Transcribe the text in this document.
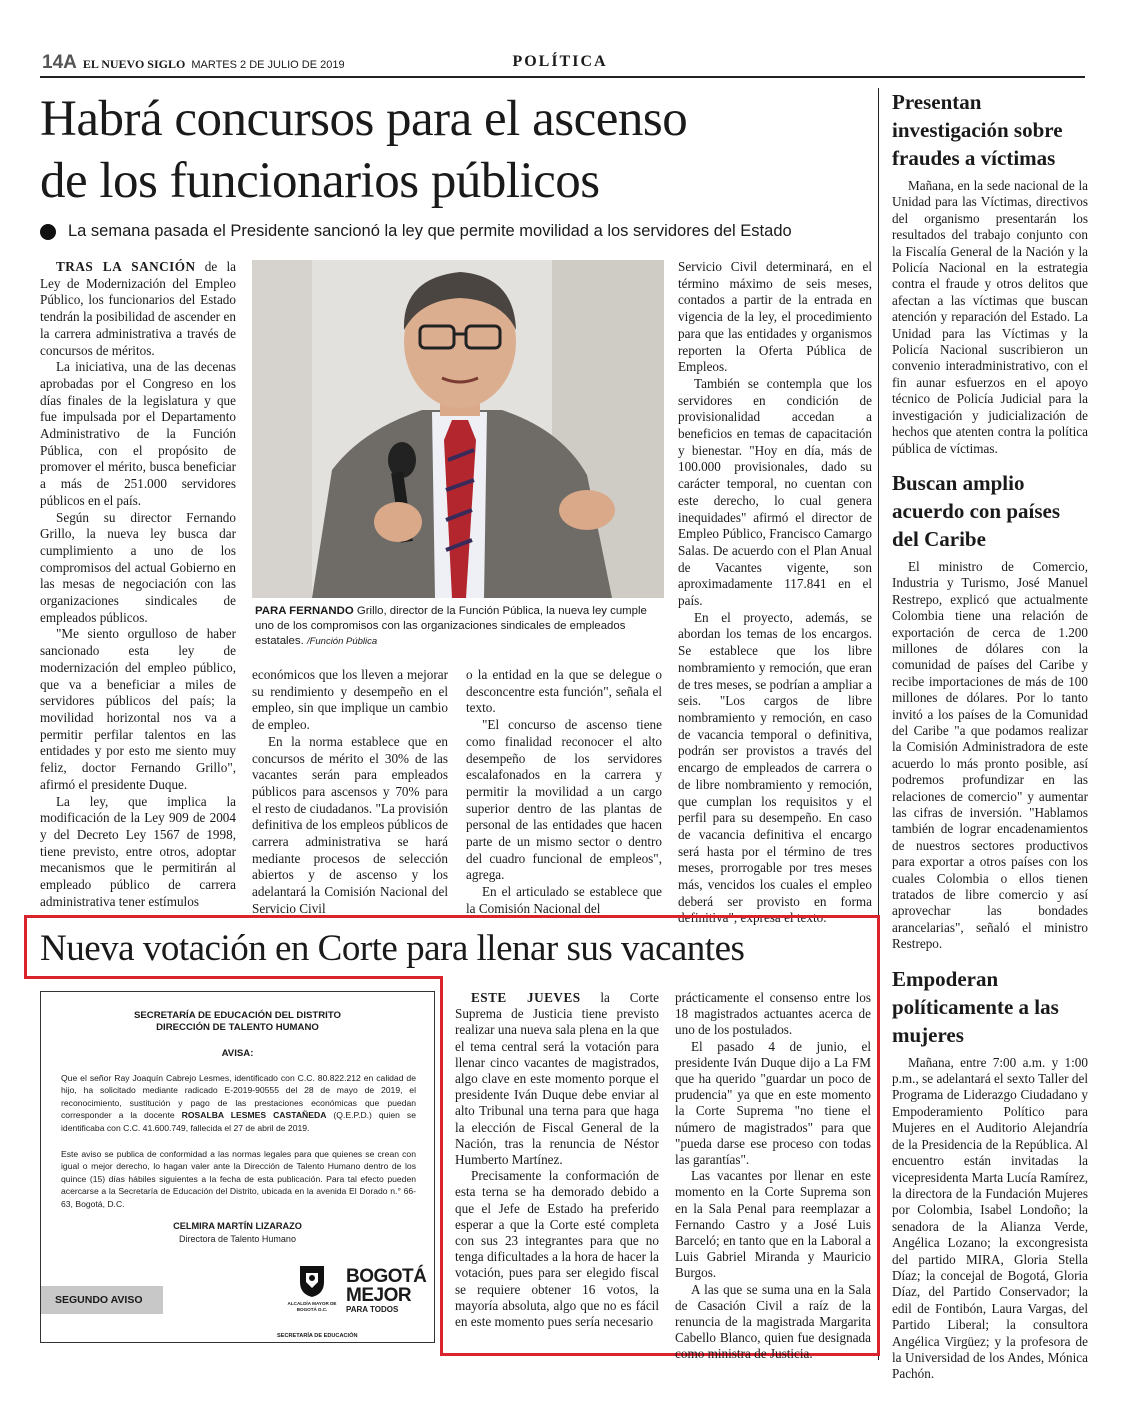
14A EL NUEVO SIGLO MARTES 2 DE JULIO DE 2019	POLÍTICA
Habrá concursos para el ascenso
de los funcionarios públicos
La semana pasada el Presidente sancionó la ley que permite movilidad a los servidores del Estado

TRAS LA SANCIÓN de la Ley de Modernización del Empleo Público, los funcionarios del Estado tendrán la posibilidad de ascender en la carrera administrativa a través de concursos de méritos.

La iniciativa, una de las decenas aprobadas por el Congreso en los días finales de la legislatura y que fue impulsada por el Departamento Administrativo de la Función Pública, con el propósito de promover el mérito, busca beneficiar a más de 251.000 servidores públicos en el país.

Según su director Fernando Grillo, la nueva ley busca dar cumplimiento a uno de los compromisos del actual Gobierno en las mesas de negociación con las organizaciones sindicales de empleados públicos.

"Me siento orgulloso de haber sancionado esta ley de modernización del empleo público, que va a beneficiar a miles de servidores públicos del país; la movilidad horizontal nos va a permitir perfilar talentos en las entidades y por esto me siento muy feliz, doctor Fernando Grillo", afirmó el presidente Duque.

La ley, que implica la modificación de la Ley 909 de 2004 y del Decreto Ley 1567 de 1998, tiene previsto, entre otros, adoptar mecanismos que le permitirán al empleado público de carrera administrativa tener estímulos

PARA FERNANDO Grillo, director de la Función Pública, la nueva ley cumple uno de los compromisos con las organizaciones sindicales de empleados estatales. /Función Pública

económicos que los lleven a mejorar su rendimiento y desempeño en el empleo, sin que implique un cambio de empleo.

En la norma establece que en concursos de mérito el 30% de las vacantes serán para empleados públicos para ascensos y 70% para el resto de ciudadanos. "La provisión definitiva de los empleos públicos de carrera administrativa se hará mediante procesos de selección abiertos y de ascenso y los adelantará la Comisión Nacional del Servicio Civil

o la entidad en la que se delegue o desconcentre esta función", señala el texto.

"El concurso de ascenso tiene como finalidad reconocer el alto desempeño de los servidores escalafonados en la carrera y permitir la movilidad a un cargo superior dentro de las plantas de personal de las entidades que hacen parte de un mismo sector o dentro del cuadro funcional de empleos", agrega.

En el articulado se establece que la Comisión Nacional del

Servicio Civil determinará, en el término máximo de seis meses, contados a partir de la entrada en vigencia de la ley, el procedimiento para que las entidades y organismos reporten la Oferta Pública de Empleos.

También se contempla que los servidores en condición de provisionalidad accedan a beneficios en temas de capacitación y bienestar. "Hoy en día, más de 100.000 provisionales, dado su carácter temporal, no cuentan con este derecho, lo cual genera inequidades" afirmó el director de Empleo Público, Francisco Camargo Salas. De acuerdo con el Plan Anual de Vacantes vigente, son aproximadamente 117.841 en el país.

En el proyecto, además, se abordan los temas de los encargos. Se establece que los libre nombramiento y remoción, que eran de tres meses, se podrían a ampliar a seis. "Los cargos de libre nombramiento y remoción, en caso de vacancia temporal o definitiva, podrán ser provistos a través del encargo de empleados de carrera o de libre nombramiento y remoción, que cumplan los requisitos y el perfil para su desempeño. En caso de vacancia definitiva el encargo será hasta por el término de tres meses, prorrogable por tres meses más, vencidos los cuales el empleo deberá ser provisto en forma definitiva", expresa el texto.

Nueva votación en Corte para llenar sus vacantes
SECRETARÍA DE EDUCACIÓN DEL DISTRITO
DIRECCIÓN DE TALENTO HUMANO
AVISA:
Que el señor Ray Joaquín Cabrejo Lesmes, identificado con C.C. 80.822.212 en calidad de hijo, ha solicitado mediante radicado E-2019-90555 del 28 de mayo de 2019, el reconocimiento, sustitución y pago de las prestaciones económicas que puedan corresponder a la docente ROSALBA LESMES CASTAÑEDA (Q.E.P.D.) quien se identificaba con C.C. 41.600.749, fallecida el 27 de abril de 2019.
Este aviso se publica de conformidad a las normas legales para que quienes se crean con igual o mejor derecho, lo hagan valer ante la Dirección de Talento Humano dentro de los quince (15) días hábiles siguientes a la fecha de esta publicación. Para tal efecto pueden acercarse a la Secretaría de Educación del Distrito, ubicada en la avenida El Dorado n.° 66-63, Bogotá, D.C.
CELMIRA MARTÍN LIZARAZO
Directora de Talento Humano
SEGUNDO AVISO	ALCALDÍA MAYOR DE BOGOTÁ D.C.
BOGOTÁ
MEJOR
PARA TODOS
SECRETARÍA DE EDUCACIÓN

ESTE JUEVES la Corte Suprema de Justicia tiene previsto realizar una nueva sala plena en la que el tema central será la votación para llenar cinco vacantes de magistrados, algo clave en este momento porque el presidente Iván Duque debe enviar al alto Tribunal una terna para que haga la elección de Fiscal General de la Nación, tras la renuncia de Néstor Humberto Martínez.

Precisamente la conformación de esta terna se ha demorado debido a que el Jefe de Estado ha preferido esperar a que la Corte esté completa con sus 23 integrantes para que no tenga dificultades a la hora de hacer la votación, pues para ser elegido fiscal se requiere obtener 16 votos, la mayoría absoluta, algo que no es fácil en este momento pues sería necesario

prácticamente el consenso entre los 18 magistrados actuantes acerca de uno de los postulados.

El pasado 4 de junio, el presidente Iván Duque dijo a La FM que ha querido "guardar un poco de prudencia" ya que en este momento la Corte Suprema "no tiene el número de magistrados" para que "pueda darse ese proceso con todas las garantías".

Las vacantes por llenar en este momento en la Corte Suprema son en la Sala Penal para reemplazar a Fernando Castro y a José Luis Barceló; en tanto que en la Laboral a Luis Gabriel Miranda y Mauricio Burgos.

A las que se suma una en la Sala de Casación Civil a raíz de la renuncia de la magistrada Margarita Cabello Blanco, quien fue designada como ministra de Justicia.

Presentan investigación sobre fraudes a víctimas

Mañana, en la sede nacional de la Unidad para las Víctimas, directivos del organismo presentarán los resultados del trabajo conjunto con la Fiscalía General de la Nación y la Policía Nacional en la estrategia contra el fraude y otros delitos que afectan a las víctimas que buscan atención y reparación del Estado. La Unidad para las Víctimas y la Policía Nacional suscribieron un convenio interadministrativo, con el fin aunar esfuerzos en el apoyo técnico de Policía Judicial para la investigación y judicialización de hechos que atenten contra la política pública de víctimas.

Buscan amplio acuerdo con países del Caribe

El ministro de Comercio, Industria y Turismo, José Manuel Restrepo, explicó que actualmente Colombia tiene una relación de exportación de cerca de 1.200 millones de dólares con la comunidad de países del Caribe y recibe importaciones de más de 100 millones de dólares. Por lo tanto invitó a los países de la Comunidad del Caribe "a que podamos realizar la Comisión Administradora de este acuerdo lo más pronto posible, así podremos profundizar en las relaciones de comercio" y aumentar las cifras de inversión. "Hablamos también de lograr encadenamientos de nuestros sectores productivos para exportar a otros países con los cuales Colombia o ellos tienen tratados de libre comercio y así aprovechar las bondades arancelarias", señaló el ministro Restrepo.

Empoderan políticamente a las mujeres

Mañana, entre 7:00 a.m. y 1:00 p.m., se adelantará el sexto Taller del Programa de Liderazgo Ciudadano y Empoderamiento Político para Mujeres en el Auditorio Alejandría de la Presidencia de la República. Al encuentro están invitadas la vicepresidenta Marta Lucía Ramírez, la directora de la Fundación Mujeres por Colombia, Isabel Londoño; la senadora de la Alianza Verde, Angélica Lozano; la excongresista del partido MIRA, Gloria Stella Díaz; la concejal de Bogotá, Gloria Díaz, del Partido Conservador; la edil de Fontibón, Laura Vargas, del Partido Liberal; la consultora Angélica Virgüez; y la profesora de la Universidad de los Andes, Mónica Pachón.
